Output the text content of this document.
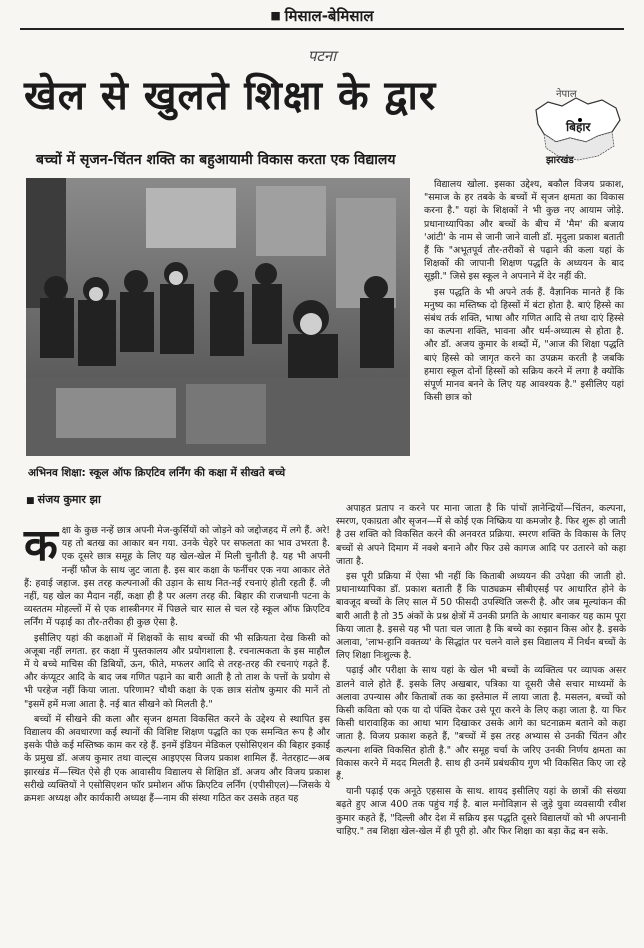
■ मिसाल-बेमिसाल
पटना
खेल से खुलते शिक्षा के द्वार
बच्चों में सृजन-चिंतन शक्ति का बहुआयामी विकास करता एक विद्यालय
नेपाल
बिहार
झारखंड
अभिनव शिक्षा: स्कूल ऑफ क्रिएटिव लर्निंग की कक्षा में सीखते बच्चे
■ संजय कुमार झा

विद्यालय खोला. इसका उद्देश्य, बकौल विजय प्रकाश, "समाज के हर तबके के बच्चों में सृजन क्षमता का विकास करना है." यहां के शिक्षकों ने भी कुछ नए आयाम जोड़े. प्रधानाध्यापिका और बच्चों के बीच में 'मैम' की बजाय 'आंटी' के नाम से जानी जाने वाली डॉ. मृदुला प्रकाश बताती हैं कि "अभूतपूर्व तौर-तरीकों से पढ़ाने की कला यहां के शिक्षकों की जापानी शिक्षण पद्धति के अध्ययन के बाद सूझी." जिसे इस स्कूल ने अपनाने में देर नहीं की.

इस पद्धति के भी अपने तर्क हैं. वैज्ञानिक मानते हैं कि मनुष्य का मस्तिष्क दो हिस्सों में बंटा होता है. बाएं हिस्से का संबंध तर्क शक्ति, भाषा और गणित आदि से तथा दाएं हिस्से का कल्पना शक्ति, भावना और धर्म-अध्यात्म से होता है. और डॉ. अजय कुमार के शब्दों में, "आज की शिक्षा पद्धति बाएं हिस्से को जागृत करने का उपक्रम करती है जबकि हमारा स्कूल दोनों हिस्सों को सक्रिय करने में लगा है क्योंकि संपूर्ण मानव बनने के लिए यह आवश्यक है." इसीलिए यहां किसी छात्र को

कक्षा के कुछ नन्हें छात्र अपनी मेज-कुर्सियों को जोड़ने को जद्दोजहद में लगे हैं. अरे! यह तो बतख का आकार बन गया. उनके चेहरे पर सफलता का भाव उभरता है. एक दूसरे छात्र समूह के लिए यह खेल-खेल में मिली चुनौती है. यह भी अपनी नन्हीं फौज के साथ जुट जाता है. इस बार कक्षा के फर्नीचर एक नया आकार लेते हैं: हवाई जहाज. इस तरह कल्पनाओं की उड़ान के साथ नित-नई रचनाएं होती रहती हैं. जी नहीं, यह खेल का मैदान नहीं, कक्षा ही है पर अलग तरह की. बिहार की राजधानी पटना के व्यस्ततम मोहल्लों में से एक शास्त्रीनगर में पिछले चार साल से चल रहे स्कूल ऑफ क्रिएटिव लर्निंग में पढ़ाई का तौर-तरीका ही कुछ ऐसा है.

इसीलिए यहां की कक्षाओं में शिक्षकों के साथ बच्चों की भी सक्रियता देख किसी को अजूबा नहीं लगता. हर कक्षा में पुस्तकालय और प्रयोगशाला है. रचनात्मकता के इस माहौल में ये बच्चे माचिस की डिबियों, ऊन, फीते, मफलर आदि से तरह-तरह की रचनाएं गढ़ते हैं. और कंप्यूटर आदि के बाद जब गणित पढ़ाने का बारी आती है तो ताश के पत्तों के प्रयोग से भी परहेज नहीं किया जाता. परिणाम? चौथी कक्षा के एक छात्र संतोष कुमार की मानें तो "इसमें हमें मजा आता है. नई बात सीखने को मिलती है."

बच्चों में सीखने की कला और सृजन क्षमता विकसित करने के उद्देश्य से स्थापित इस विद्यालय की अवधारणा कई स्थानों की विशिष्ट शिक्षण पद्धति का एक समन्वित रूप है और इसके पीछे कई मस्तिष्क काम कर रहे हैं. इनमें इंडियन मेडिकल एसोसिएशन की बिहार इकाई के प्रमुख डॉ. अजय कुमार तथा वाल्ट्स आइएएस विजय प्रकाश शामिल हैं. नेतरहाट—अब झारखंड में—स्थित ऐसे ही एक आवासीय विद्यालय से शिक्षित डॉ. अजय और विजय प्रकाश सरीखे व्यक्तियों ने एसोसिएशन फॉर प्रमोशन ऑफ क्रिएटिव लर्निंग (एपीसीएल)—जिसके ये क्रमशः अध्यक्ष और कार्यकारी अध्यक्ष हैं—नाम की संस्था गठित कर उसके तहत यह

अपाहत प्रताप न करने पर माना जाता है कि पांचों ज्ञानेन्द्रियों—चिंतन, कल्पना, स्मरण, एकाग्रता और सृजन—में से कोई एक निष्क्रिय या कमजोर है. फिर शुरू हो जाती है उस शक्ति को विकसित करने की अनवरत प्रक्रिया. स्मरण शक्ति के विकास के लिए बच्चों से अपने दिमाग में नक्शे बनाने और फिर उसे कागज आदि पर उतारने को कहा जाता है.

इस पूरी प्रक्रिया में ऐसा भी नहीं कि किताबी अध्ययन की उपेक्षा की जाती हो. प्रधानाध्यापिका डॉ. प्रकाश बताती हैं कि पाठ्यक्रम सीबीएसई पर आधारित होने के बावजूद बच्चों के लिए साल में 50 फीसदी उपस्थिति जरूरी है. और जब मूल्यांकन की बारी आती है तो 35 अंकों के प्रश्न क्षेत्रों में उनकी प्रगति के आधार बनाकर यह काम पूरा किया जाता है. इससे यह भी पता चल जाता है कि बच्चे का रुझान किस ओर है. इसके अलावा, 'लाभ-हानि वक्तव्य' के सिद्धांत पर चलने वाले इस विद्यालय में निर्धन बच्चों के लिए शिक्षा निःशुल्क है.

पढ़ाई और परीक्षा के साथ यहां के खेल भी बच्चों के व्यक्तित्व पर व्यापक असर डालने वाले होते हैं. इसके लिए अखबार, पत्रिका या दूसरी जैसे सचार माध्यमों के अलावा उपन्यास और किताबों तक का इस्तेमाल में लाया जाता है. मसलन, बच्चों को किसी कविता को एक या दो पंक्ति देकर उसे पूरा करने के लिए कहा जाता है. या फिर किसी धारावाहिक का आधा भाग दिखाकर उसके आगे का घटनाक्रम बताने को कहा जाता है. विजय प्रकाश कहते हैं, "बच्चों में इस तरह अभ्यास से उनकी चिंतन और कल्पना शक्ति विकसित होती है." और समूह चर्चा के जरिए उनकी निर्णय क्षमता का विकास करने में मदद मिलती है. साथ ही उनमें प्रबंधकीय गुण भी विकसित किए जा रहे हैं.

यानी पढ़ाई एक अनूठे एहसास के साथ. शायद इसीलिए यहां के छात्रों की संख्या बढ़ते हुए आज 400 तक पहुंच गई है. बाल मनोविज्ञान से जुड़े युवा व्यवसायी रवीश कुमार कहते हैं, "दिल्ली और देश में सक्रिय इस पद्धति दूसरे विद्यालयों को भी अपनानी चाहिए." तब शिक्षा खेल-खेल में ही पूरी हो. और फिर शिक्षा का बड़ा केंद्र बन सके.
